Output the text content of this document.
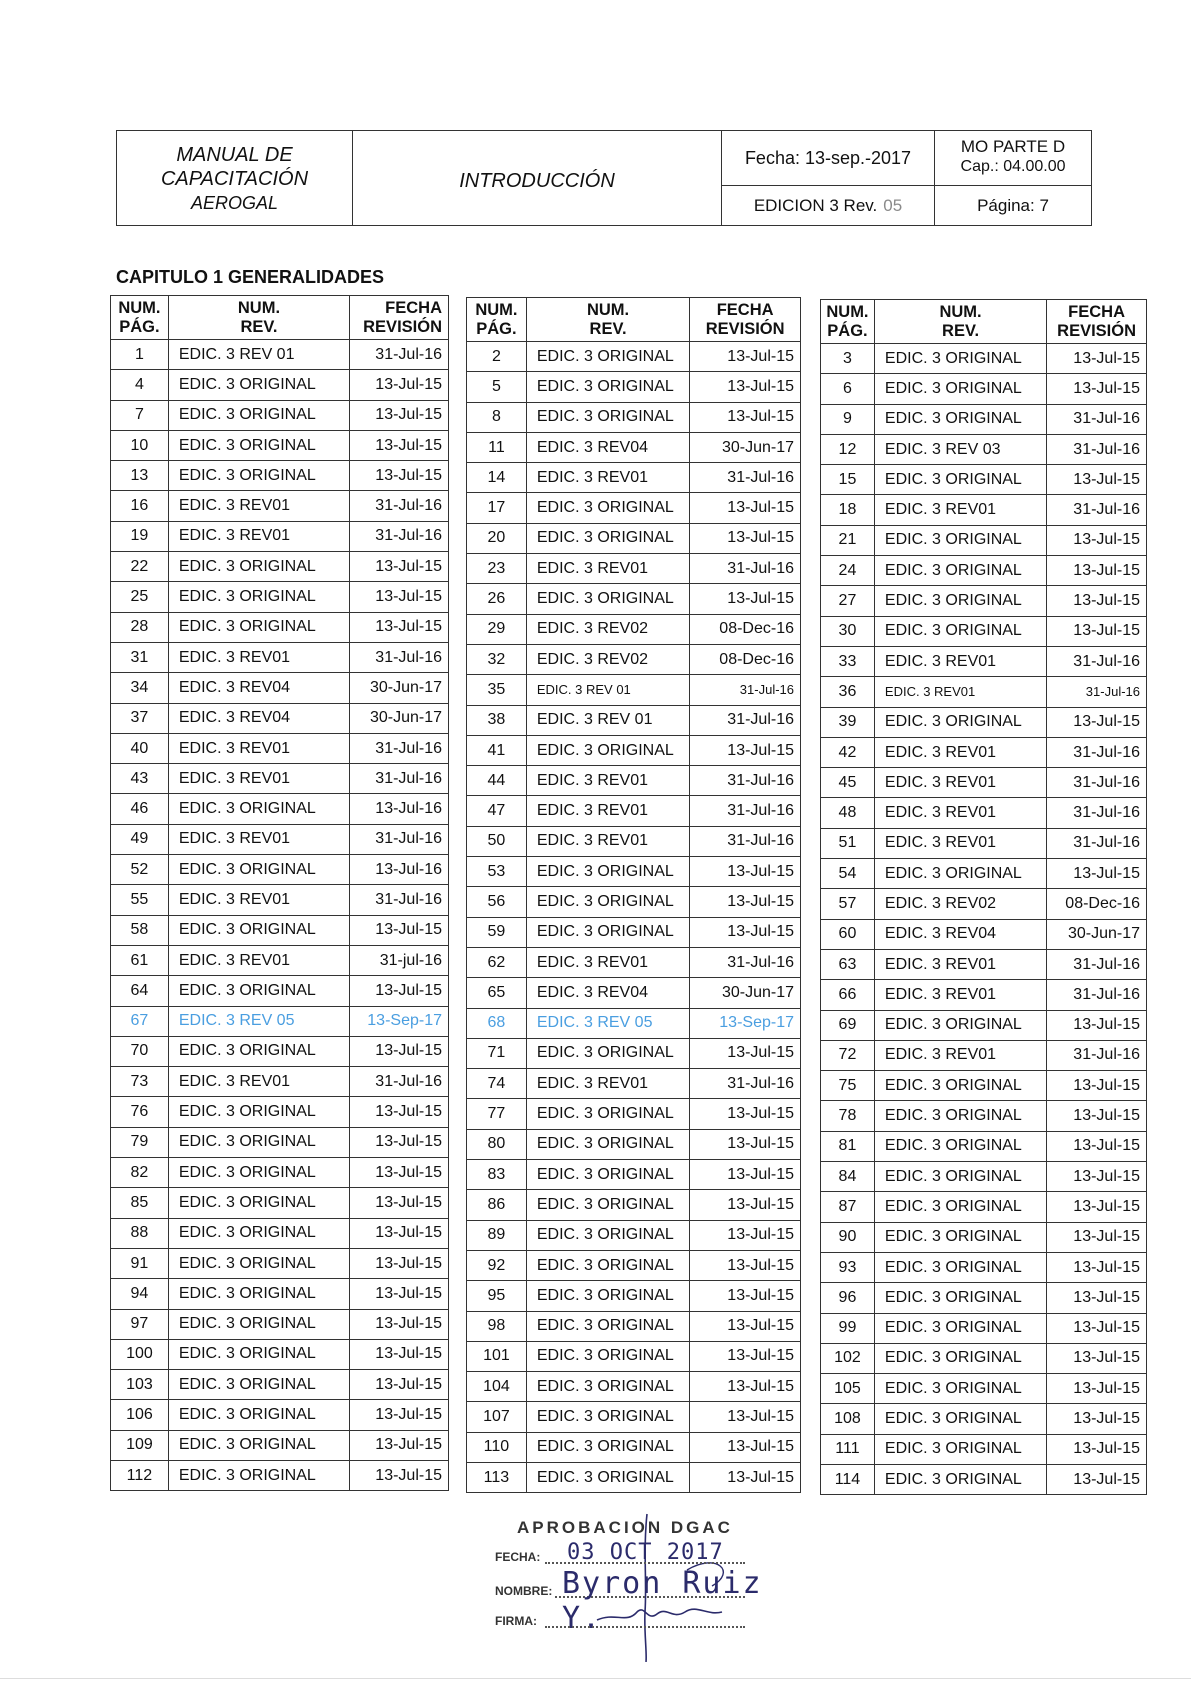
MANUAL DE
CAPACITACIÓN
AEROGAL
INTRODUCCIÓN
Fecha: 13-sep.-2017
EDICION 3 Rev. 05
MO PARTE D
Cap.: 04.00.00
Página: 7
CAPITULO 1 GENERALIDADES
NUM.
PÁG.	NUM.
REV.	FECHA
REVISIÓN
1	EDIC. 3 REV 01	31-Jul-16
4	EDIC. 3 ORIGINAL	13-Jul-15
7	EDIC. 3 ORIGINAL	13-Jul-15
10	EDIC. 3 ORIGINAL	13-Jul-15
13	EDIC. 3 ORIGINAL	13-Jul-15
16	EDIC. 3 REV01	31-Jul-16
19	EDIC. 3 REV01	31-Jul-16
22	EDIC. 3 ORIGINAL	13-Jul-15
25	EDIC. 3 ORIGINAL	13-Jul-15
28	EDIC. 3 ORIGINAL	13-Jul-15
31	EDIC. 3 REV01	31-Jul-16
34	EDIC. 3 REV04	30-Jun-17
37	EDIC. 3 REV04	30-Jun-17
40	EDIC. 3 REV01	31-Jul-16
43	EDIC. 3 REV01	31-Jul-16
46	EDIC. 3 ORIGINAL	13-Jul-16
49	EDIC. 3 REV01	31-Jul-16
52	EDIC. 3 ORIGINAL	13-Jul-16
55	EDIC. 3 REV01	31-Jul-16
58	EDIC. 3 ORIGINAL	13-Jul-15
61	EDIC. 3 REV01	31-jul-16
64	EDIC. 3 ORIGINAL	13-Jul-15
67	EDIC. 3 REV 05	13-Sep-17
70	EDIC. 3 ORIGINAL	13-Jul-15
73	EDIC. 3 REV01	31-Jul-16
76	EDIC. 3 ORIGINAL	13-Jul-15
79	EDIC. 3 ORIGINAL	13-Jul-15
82	EDIC. 3 ORIGINAL	13-Jul-15
85	EDIC. 3 ORIGINAL	13-Jul-15
88	EDIC. 3 ORIGINAL	13-Jul-15
91	EDIC. 3 ORIGINAL	13-Jul-15
94	EDIC. 3 ORIGINAL	13-Jul-15
97	EDIC. 3 ORIGINAL	13-Jul-15
100	EDIC. 3 ORIGINAL	13-Jul-15
103	EDIC. 3 ORIGINAL	13-Jul-15
106	EDIC. 3 ORIGINAL	13-Jul-15
109	EDIC. 3 ORIGINAL	13-Jul-15
112	EDIC. 3 ORIGINAL	13-Jul-15
NUM.
PÁG.	NUM.
REV.	FECHA
REVISIÓN
2	EDIC. 3 ORIGINAL	13-Jul-15
5	EDIC. 3 ORIGINAL	13-Jul-15
8	EDIC. 3 ORIGINAL	13-Jul-15
11	EDIC. 3 REV04	30-Jun-17
14	EDIC. 3 REV01	31-Jul-16
17	EDIC. 3 ORIGINAL	13-Jul-15
20	EDIC. 3 ORIGINAL	13-Jul-15
23	EDIC. 3 REV01	31-Jul-16
26	EDIC. 3 ORIGINAL	13-Jul-15
29	EDIC. 3 REV02	08-Dec-16
32	EDIC. 3 REV02	08-Dec-16
35	EDIC. 3 REV 01	31-Jul-16
38	EDIC. 3 REV 01	31-Jul-16
41	EDIC. 3 ORIGINAL	13-Jul-15
44	EDIC. 3 REV01	31-Jul-16
47	EDIC. 3 REV01	31-Jul-16
50	EDIC. 3 REV01	31-Jul-16
53	EDIC. 3 ORIGINAL	13-Jul-15
56	EDIC. 3 ORIGINAL	13-Jul-15
59	EDIC. 3 ORIGINAL	13-Jul-15
62	EDIC. 3 REV01	31-Jul-16
65	EDIC. 3 REV04	30-Jun-17
68	EDIC. 3 REV 05	13-Sep-17
71	EDIC. 3 ORIGINAL	13-Jul-15
74	EDIC. 3 REV01	31-Jul-16
77	EDIC. 3 ORIGINAL	13-Jul-15
80	EDIC. 3 ORIGINAL	13-Jul-15
83	EDIC. 3 ORIGINAL	13-Jul-15
86	EDIC. 3 ORIGINAL	13-Jul-15
89	EDIC. 3 ORIGINAL	13-Jul-15
92	EDIC. 3 ORIGINAL	13-Jul-15
95	EDIC. 3 ORIGINAL	13-Jul-15
98	EDIC. 3 ORIGINAL	13-Jul-15
101	EDIC. 3 ORIGINAL	13-Jul-15
104	EDIC. 3 ORIGINAL	13-Jul-15
107	EDIC. 3 ORIGINAL	13-Jul-15
110	EDIC. 3 ORIGINAL	13-Jul-15
113	EDIC. 3 ORIGINAL	13-Jul-15
NUM.
PÁG.	NUM.
REV.	FECHA
REVISIÓN
3	EDIC. 3 ORIGINAL	13-Jul-15
6	EDIC. 3 ORIGINAL	13-Jul-15
9	EDIC. 3 ORIGINAL	31-Jul-16
12	EDIC. 3 REV 03	31-Jul-16
15	EDIC. 3 ORIGINAL	13-Jul-15
18	EDIC. 3 REV01	31-Jul-16
21	EDIC. 3 ORIGINAL	13-Jul-15
24	EDIC. 3 ORIGINAL	13-Jul-15
27	EDIC. 3 ORIGINAL	13-Jul-15
30	EDIC. 3 ORIGINAL	13-Jul-15
33	EDIC. 3 REV01	31-Jul-16
36	EDIC. 3 REV01	31-Jul-16
39	EDIC. 3 ORIGINAL	13-Jul-15
42	EDIC. 3 REV01	31-Jul-16
45	EDIC. 3 REV01	31-Jul-16
48	EDIC. 3 REV01	31-Jul-16
51	EDIC. 3 REV01	31-Jul-16
54	EDIC. 3 ORIGINAL	13-Jul-15
57	EDIC. 3 REV02	08-Dec-16
60	EDIC. 3 REV04	30-Jun-17
63	EDIC. 3 REV01	31-Jul-16
66	EDIC. 3 REV01	31-Jul-16
69	EDIC. 3 ORIGINAL	13-Jul-15
72	EDIC. 3 REV01	31-Jul-16
75	EDIC. 3 ORIGINAL	13-Jul-15
78	EDIC. 3 ORIGINAL	13-Jul-15
81	EDIC. 3 ORIGINAL	13-Jul-15
84	EDIC. 3 ORIGINAL	13-Jul-15
87	EDIC. 3 ORIGINAL	13-Jul-15
90	EDIC. 3 ORIGINAL	13-Jul-15
93	EDIC. 3 ORIGINAL	13-Jul-15
96	EDIC. 3 ORIGINAL	13-Jul-15
99	EDIC. 3 ORIGINAL	13-Jul-15
102	EDIC. 3 ORIGINAL	13-Jul-15
105	EDIC. 3 ORIGINAL	13-Jul-15
108	EDIC. 3 ORIGINAL	13-Jul-15
111	EDIC. 3 ORIGINAL	13-Jul-15
114	EDIC. 3 ORIGINAL	13-Jul-15
APROBACION DGAC
FECHA: 03 OCT 2017
NOMBRE: Byron Ruiz Y.
FIRMA:
